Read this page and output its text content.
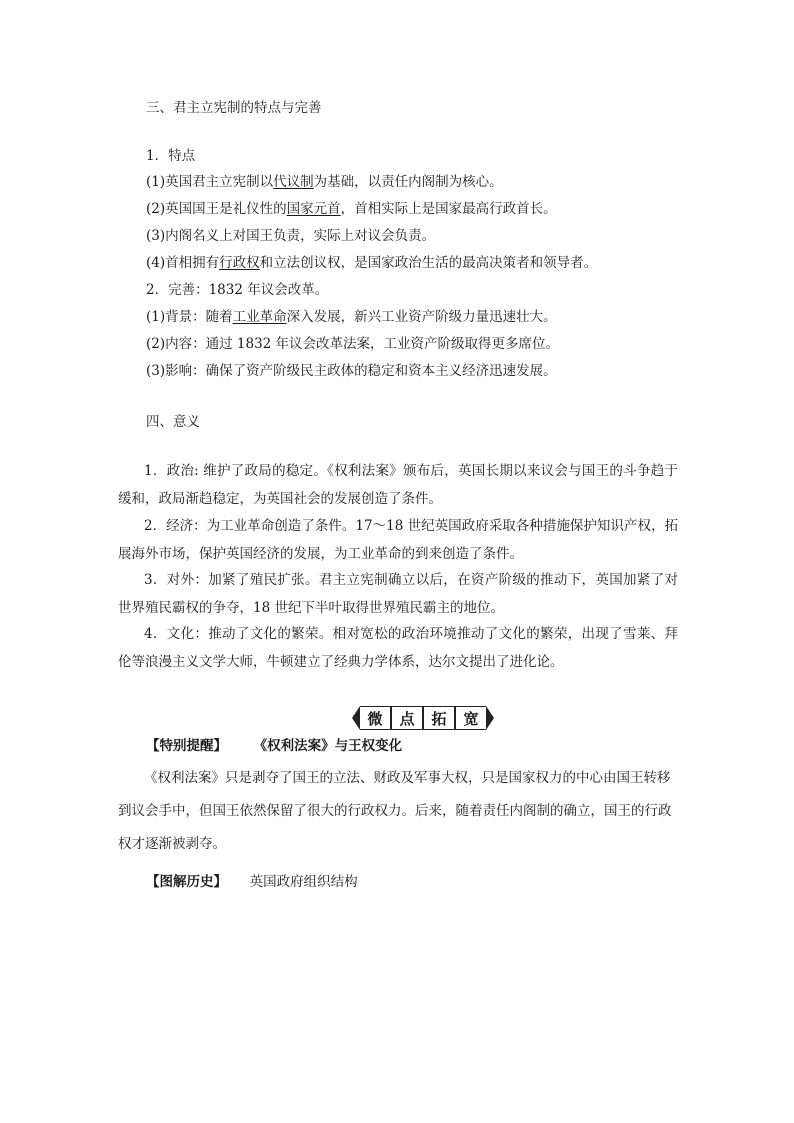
三、君主立宪制的特点与完善
1．特点
(1)英国君主立宪制以代议制为基础，以责任内阁制为核心。
(2)英国国王是礼仪性的国家元首，首相实际上是国家最高行政首长。
(3)内阁名义上对国王负责，实际上对议会负责。
(4)首相拥有行政权和立法创议权，是国家政治生活的最高决策者和领导者。
2．完善：1832 年议会改革。
(1)背景：随着工业革命深入发展，新兴工业资产阶级力量迅速壮大。
(2)内容：通过 1832 年议会改革法案，工业资产阶级取得更多席位。
(3)影响：确保了资产阶级民主政体的稳定和资本主义经济迅速发展。
四、意义
1．政治: 维护了政局的稳定。《权利法案》颁布后，英国长期以来议会与国王的斗争趋于缓和，政局渐趋稳定，为英国社会的发展创造了条件。
2．经济：为工业革命创造了条件。17～18 世纪英国政府采取各种措施保护知识产权，拓展海外市场，保护英国经济的发展，为工业革命的到来创造了条件。
3．对外：加紧了殖民扩张。君主立宪制确立以后，在资产阶级的推动下，英国加紧了对世界殖民霸权的争夺，18 世纪下半叶取得世界殖民霸主的地位。
4．文化：推动了文化的繁荣。相对宽松的政治环境推动了文化的繁荣，出现了雪莱、拜伦等浪漫主义文学大师，牛顿建立了经典力学体系，达尔文提出了进化论。
微	点	拓	宽
【特别提醒】 《权利法案》与王权变化
《权利法案》只是剥夺了国王的立法、财政及军事大权，只是国家权力的中心由国王转移到议会手中，但国王依然保留了很大的行政权力。后来，随着责任内阁制的确立，国王的行政权才逐渐被剥夺。
【图解历史】 英国政府组织结构
